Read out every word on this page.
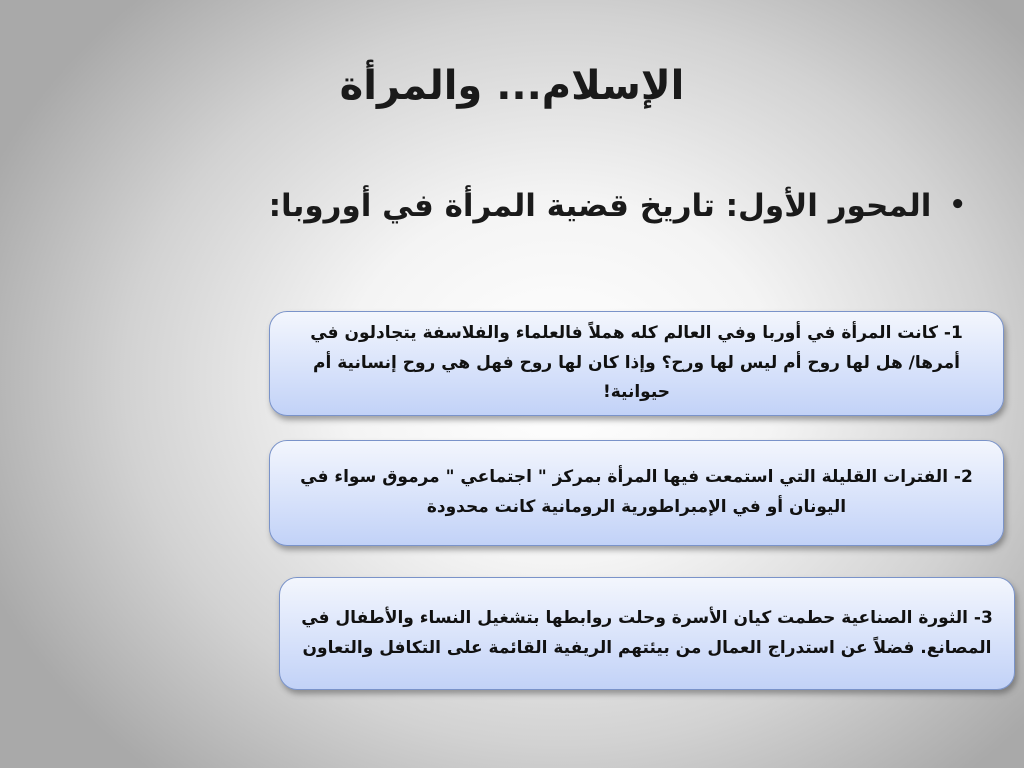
الإسلام... والمرأة
•
المحور الأول: تاريخ قضية المرأة في أوروبا:
1- كانت المرأة في أوربا وفي العالم كله هملاً فالعلماء والفلاسفة يتجادلون في أمرها/ هل لها روح أم ليس لها ورح؟ وإذا كان لها روح فهل هي روح إنسانية أم حيوانية!
2- الفترات القليلة التي استمعت فيها المرأة بمركز " اجتماعي " مرموق سواء في اليونان أو في الإمبراطورية الرومانية كانت محدودة
3- الثورة الصناعية حطمت كيان الأسرة وحلت روابطها بتشغيل النساء والأطفال في المصانع. فضلاً عن استدراج العمال من بيئتهم الريفية القائمة على التكافل والتعاون
